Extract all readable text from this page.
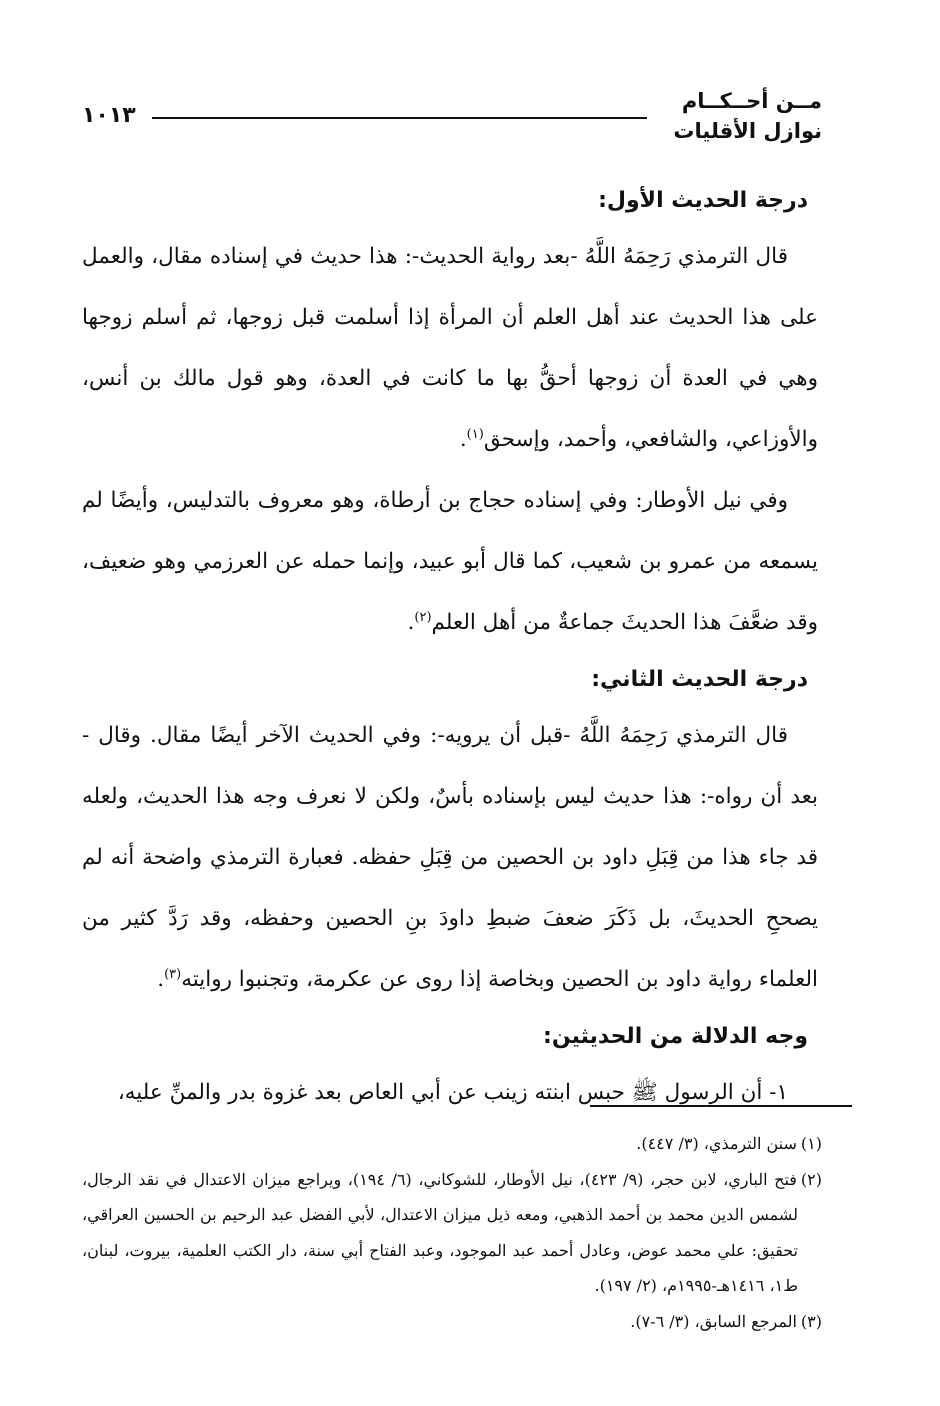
مــن أحــكــام
نوازل الأقليات
١٠١٣
درجة الحديث الأول:

قال الترمذي رَحِمَهُ اللَّهُ -بعد رواية الحديث-: هذا حديث في إسناده مقال، والعمل على هذا الحديث عند أهل العلم أن المرأة إذا أسلمت قبل زوجها، ثم أسلم زوجها وهي في العدة أن زوجها أحقُّ بها ما كانت في العدة، وهو قول مالك بن أنس، والأوزاعي، والشافعي، وأحمد، وإسحق$^{(١)}$.

وفي نيل الأوطار: وفي إسناده حجاج بن أرطاة، وهو معروف بالتدليس، وأيضًا لم يسمعه من عمرو بن شعيب، كما قال أبو عبيد، وإنما حمله عن العرزمي وهو ضعيف، وقد ضعَّفَ هذا الحديثَ جماعةٌ من أهل العلم$^{(٢)}$.

درجة الحديث الثاني:

قال الترمذي رَحِمَهُ اللَّهُ -قبل أن يرويه-: وفي الحديث الآخر أيضًا مقال. وقال - بعد أن رواه-: هذا حديث ليس بإسناده بأسٌ، ولكن لا نعرف وجه هذا الحديث، ولعله قد جاء هذا من قِبَلِ داود بن الحصين من قِبَلِ حفظه. فعبارة الترمذي واضحة أنه لم يصححِ الحديثَ، بل ذَكَرَ ضعفَ ضبطِ داودَ بنِ الحصين وحفظه، وقد رَدَّ كثير من العلماء رواية داود بن الحصين وبخاصة إذا روى عن عكرمة، وتجنبوا روايته$^{(٣)}$.

وجه الدلالة من الحديثين:

١- أن الرسول ﷺ حبس ابنته زينب عن أبي العاص بعد غزوة بدر والمنِّ عليه،

(١)سنن الترمذي، (٣/ ٤٤٧).

(٢)فتح الباري، لابن حجر، (٩/ ٤٢٣)، نيل الأوطار، للشوكاني، (٦/ ١٩٤)، ويراجع ميزان الاعتدال في نقد الرجال، لشمس الدين محمد بن أحمد الذهبي، ومعه ذيل ميزان الاعتدال، لأبي الفضل عبد الرحيم بن الحسين العراقي، تحقيق: علي محمد عوض، وعادل أحمد عبد الموجود، وعبد الفتاح أبي سنة، دار الكتب العلمية، بيروت، لبنان، ط١، ١٤١٦هـ-١٩٩٥م، (٢/ ١٩٧).

(٣)المرجع السابق، (٣/ ٦-٧).
